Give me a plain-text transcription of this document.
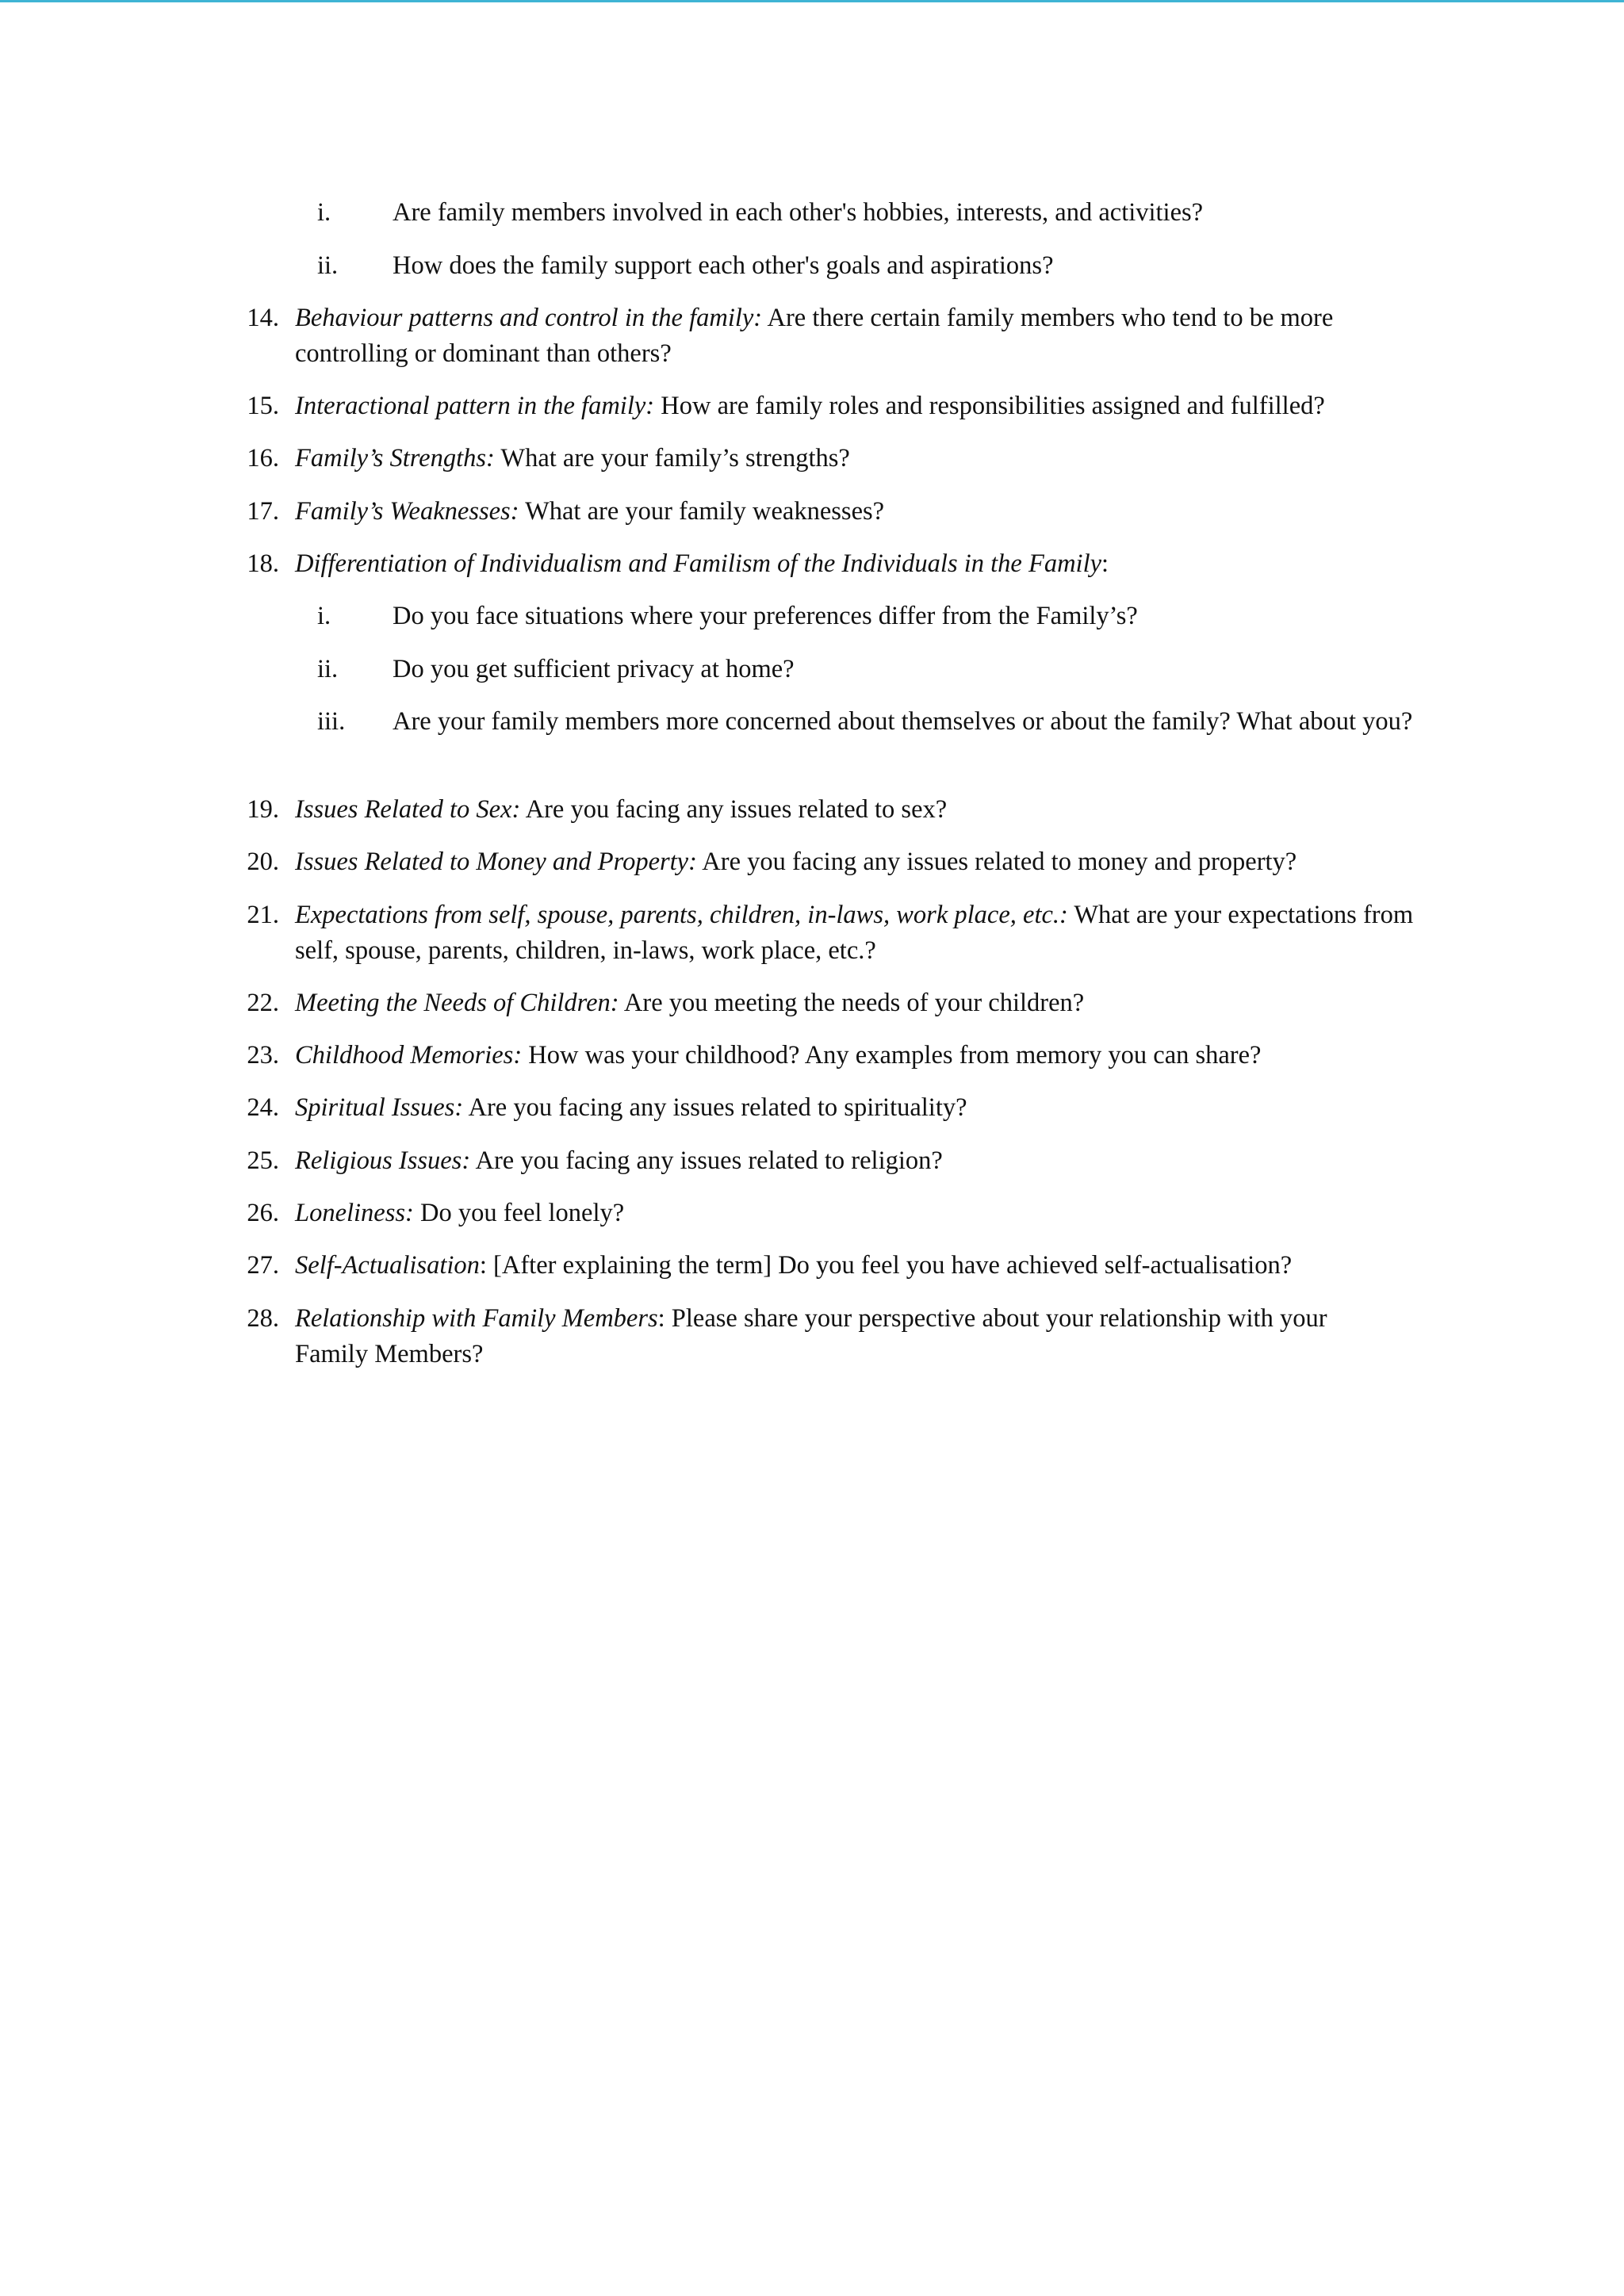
i.	Are family members involved in each other's hobbies, interests, and activities?
ii.	How does the family support each other's goals and aspirations?
14. Behaviour patterns and control in the family: Are there certain family members who tend to be more controlling or dominant than others?
15. Interactional pattern in the family: How are family roles and responsibilities assigned and fulfilled?
16. Family’s Strengths: What are your family’s strengths?
17. Family’s Weaknesses: What are your family weaknesses?
18. Differentiation of Individualism and Familism of the Individuals in the Family:
i.	Do you face situations where your preferences differ from the Family’s?
ii.	Do you get sufficient privacy at home?
iii.	Are your family members more concerned about themselves or about the family? What about you?
19. Issues Related to Sex: Are you facing any issues related to sex?
20. Issues Related to Money and Property: Are you facing any issues related to money and property?
21. Expectations from self, spouse, parents, children, in-laws, work place, etc.: What are your expectations from self, spouse, parents, children, in-laws, work place, etc.?
22. Meeting the Needs of Children: Are you meeting the needs of your children?
23. Childhood Memories: How was your childhood? Any examples from memory you can share?
24. Spiritual Issues: Are you facing any issues related to spirituality?
25. Religious Issues: Are you facing any issues related to religion?
26. Loneliness: Do you feel lonely?
27. Self-Actualisation: [After explaining the term] Do you feel you have achieved self-actualisation?
28. Relationship with Family Members: Please share your perspective about your relationship with your Family Members?
